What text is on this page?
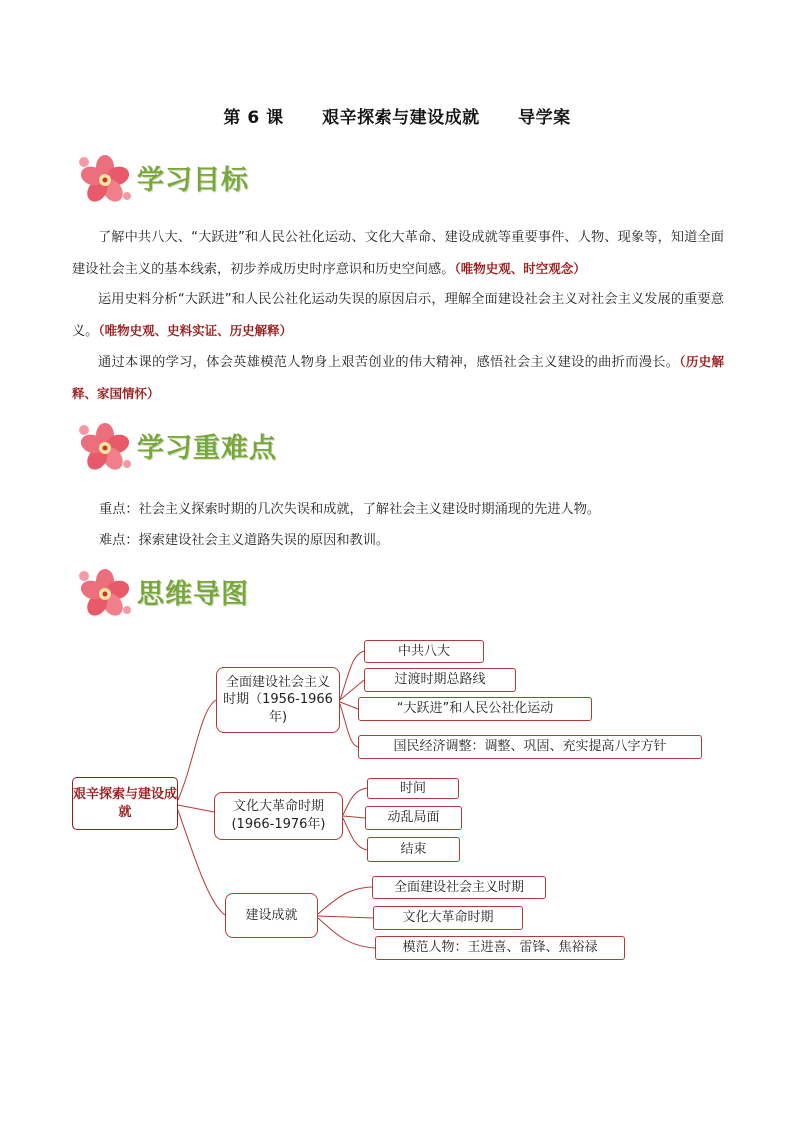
第 6 课      艰辛探索与建设成就      导学案
学习目标
了解中共八大、“大跃进”和人民公社化运动、文化大革命、建设成就等重要事件、人物、现象等，知道全面建设社会主义的基本线索，初步养成历史时序意识和历史空间感。（唯物史观、时空观念）
运用史料分析“大跃进”和人民公社化运动失误的原因启示，理解全面建设社会主义对社会主义发展的重要意义。（唯物史观、史料实证、历史解释）
通过本课的学习，体会英雄模范人物身上艰苦创业的伟大精神，感悟社会主义建设的曲折而漫长。（历史解释、家国情怀）
学习重难点
重点：社会主义探索时期的几次失误和成就，了解社会主义建设时期涌现的先进人物。
难点：探索建设社会主义道路失误的原因和教训。
思维导图
艰辛探索与建设成就
全面建设社会主义时期（1956-1966年)
文化大革命时期
(1966-1976年)
建设成就
中共八大
过渡时期总路线
“大跃进”和人民公社化运动
国民经济调整：调整、巩固、充实提高八字方针
时间
动乱局面
结束
全面建设社会主义时期
文化大革命时期
模范人物：王进喜、雷锋、焦裕禄
